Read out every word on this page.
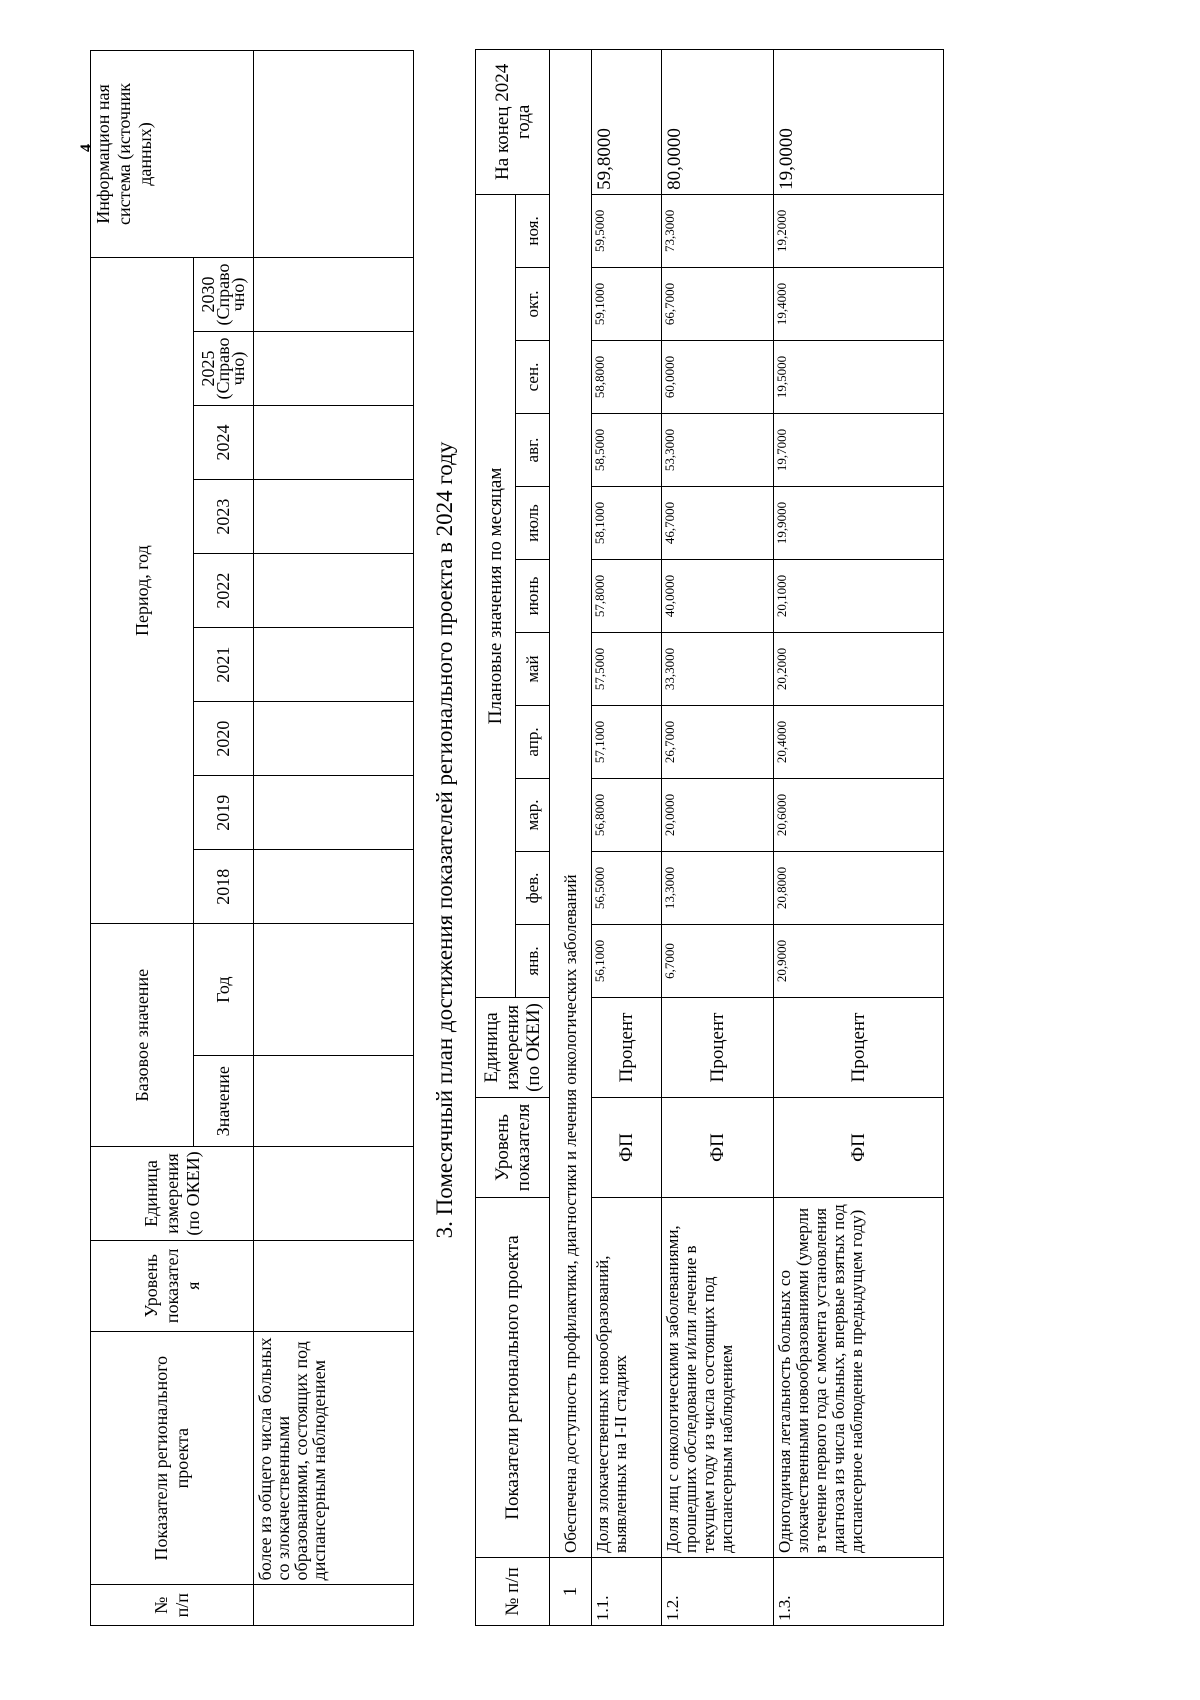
4
№ п/п	Показатели регионального проекта	Уровень показател я	Единица измерения (по ОКЕИ)	Базовое значение		Период, год									Информацион ная система (источник данных)
				Значение	Год	2018	2019	2020	2021	2022	2023	2024	2025 (Справо чно)	2030 (Справо чно)	

	более из общего числа больных со злокачественными образованиями, состоящих под диспансерным наблюдением														
3. Помесячный план достижения показателей регионального проекта в 2024 году
№ п/п	Показатели регионального проекта	Уровень показателя	Единица измерения (по ОКЕИ)	Плановые значения по месяцам											На конец 2024 года
				янв.	фев.	мар.	апр.	май	июнь	июль	авг.	сен.	окт.	ноя.	
1	Обеспечена доступность профилактики, диагностики и лечения онкологических заболеваний														
1.1.	Доля злокачественных новообразований, выявленных на I-II стадиях	ФП	Процент	56,1000	56,5000	56,8000	57,1000	57,5000	57,8000	58,1000	58,5000	58,8000	59,1000	59,5000	59,8000
1.2.	Доля лиц с онкологическими заболеваниями, прошедших обследование и/или лечение в текущем году из числа состоящих под диспансерным наблюдением	ФП	Процент	6,7000	13,3000	20,0000	26,7000	33,3000	40,0000	46,7000	53,3000	60,0000	66,7000	73,3000	80,0000
1.3.	Одногодичная летальность больных со злокачественными новообразованиями (умерли в течение первого года с момента установления диагноза из числа больных, впервые взятых под диспансерное наблюдение в предыдущем году)	ФП	Процент	20,9000	20,8000	20,6000	20,4000	20,2000	20,1000	19,9000	19,7000	19,5000	19,4000	19,2000	19,0000
